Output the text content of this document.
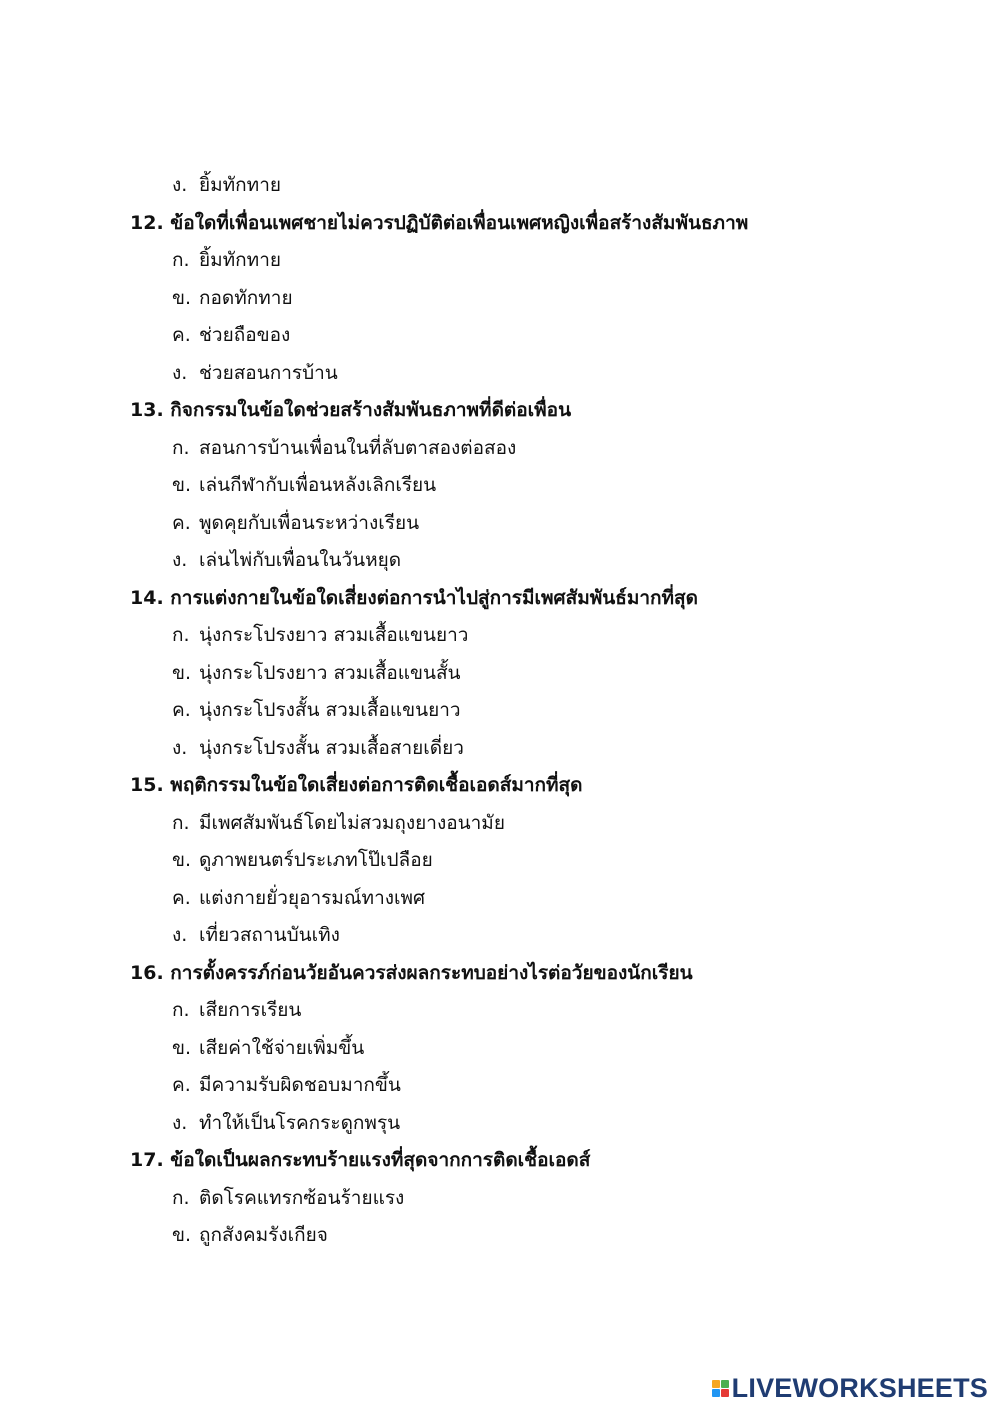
ง. ยิ้มทักทาย
12. ข้อใดที่เพื่อนเพศชายไม่ควรปฏิบัติต่อเพื่อนเพศหญิงเพื่อสร้างสัมพันธภาพ
ก. ยิ้มทักทาย
ข. กอดทักทาย
ค. ช่วยถือของ
ง. ช่วยสอนการบ้าน
13. กิจกรรมในข้อใดช่วยสร้างสัมพันธภาพที่ดีต่อเพื่อน
ก. สอนการบ้านเพื่อนในที่ลับตาสองต่อสอง
ข. เล่นกีฬากับเพื่อนหลังเลิกเรียน
ค. พูดคุยกับเพื่อนระหว่างเรียน
ง. เล่นไพ่กับเพื่อนในวันหยุด
14. การแต่งกายในข้อใดเสี่ยงต่อการนำไปสู่การมีเพศสัมพันธ์มากที่สุด
ก. นุ่งกระโปรงยาว สวมเสื้อแขนยาว
ข. นุ่งกระโปรงยาว สวมเสื้อแขนสั้น
ค. นุ่งกระโปรงสั้น สวมเสื้อแขนยาว
ง. นุ่งกระโปรงสั้น สวมเสื้อสายเดี่ยว
15. พฤติกรรมในข้อใดเสี่ยงต่อการติดเชื้อเอดส์มากที่สุด
ก. มีเพศสัมพันธ์โดยไม่สวมถุงยางอนามัย
ข. ดูภาพยนตร์ประเภทโป๊เปลือย
ค. แต่งกายยั่วยุอารมณ์ทางเพศ
ง. เที่ยวสถานบันเทิง
16. การตั้งครรภ์ก่อนวัยอันควรส่งผลกระทบอย่างไรต่อวัยของนักเรียน
ก. เสียการเรียน
ข. เสียค่าใช้จ่ายเพิ่มขึ้น
ค. มีความรับผิดชอบมากขึ้น
ง. ทำให้เป็นโรคกระดูกพรุน
17. ข้อใดเป็นผลกระทบร้ายแรงที่สุดจากการติดเชื้อเอดส์
ก. ติดโรคแทรกซ้อนร้ายแรง
ข. ถูกสังคมรังเกียจ
LIVEWORKSHEETS
